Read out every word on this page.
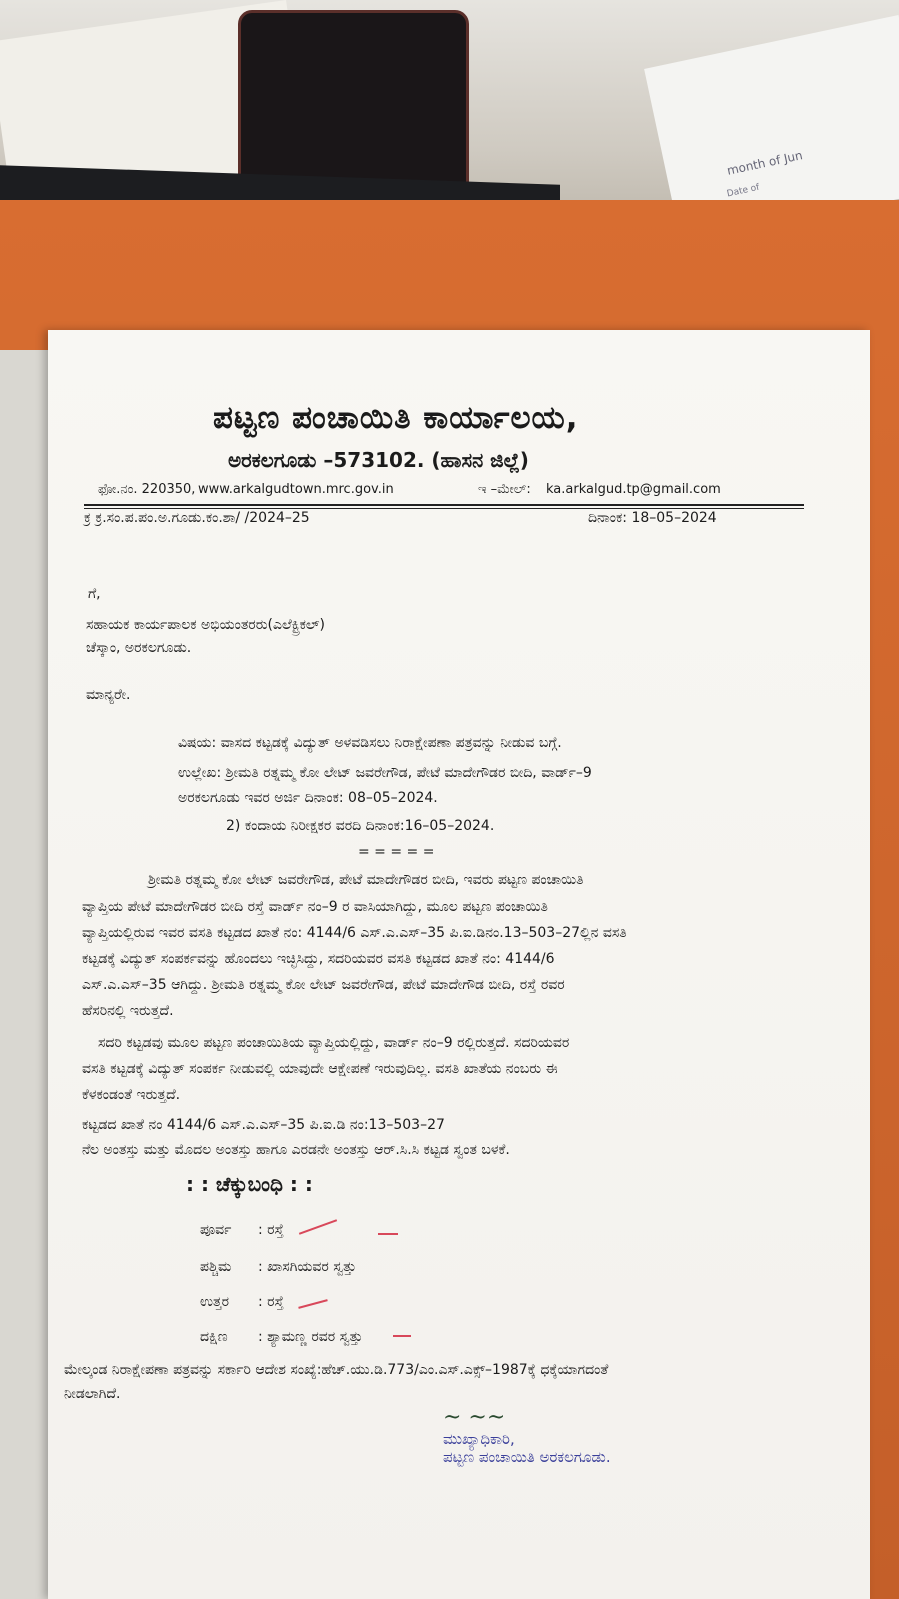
month of Jun
Date of
ಪಟ್ಟಣ ಪಂಚಾಯಿತಿ ಕಾರ್ಯಾಲಯ,
ಅರಕಲಗೂಡು –573102. (ಹಾಸನ ಜಿಲ್ಲೆ)
ಫೋ.ನಂ. 220350, www.arkalgudtown.mrc.gov.in	ಇ –ಮೇಲ್: ka.arkalgud.tp@gmail.com
ಕ್ರ ಕ್ರ.ಸಂ.ಪ.ಪಂ.ಅ.ಗೂಡು.ಕಂ.ಶಾ/ /2024–25	ದಿನಾಂಕ: 18–05–2024
ಗೆ,
ಸಹಾಯಕ ಕಾರ್ಯಪಾಲಕ ಅಭಿಯಂತರರು(ಎಲೆಕ್ಟ್ರಿಕಲ್)
ಚೆಸ್ಕಾಂ, ಅರಕಲಗೂಡು.
ಮಾನ್ಯರೇ.
ವಿಷಯ: ವಾಸದ ಕಟ್ಟಡಕ್ಕೆ ವಿದ್ಯುತ್ ಅಳವಡಿಸಲು ನಿರಾಕ್ಷೇಪಣಾ ಪತ್ರವನ್ನು ನೀಡುವ ಬಗ್ಗೆ.
ಉಲ್ಲೇಖ: ಶ್ರೀಮತಿ ರತ್ನಮ್ಮ ಕೋ ಲೇಟ್ ಜವರೇಗೌಡ, ಪೇಟೆ ಮಾದೇಗೌಡರ ಬೀದಿ, ವಾರ್ಡ್–9
ಅರಕಲಗೂಡು ಇವರ ಅರ್ಜಿ ದಿನಾಂಕ: 08–05–2024.
2) ಕಂದಾಯ ನಿರೀಕ್ಷಕರ ವರದಿ ದಿನಾಂಕ:16–05–2024.
= = = = =
ಶ್ರೀಮತಿ ರತ್ನಮ್ಮ ಕೋ ಲೇಟ್ ಜವರೇಗೌಡ, ಪೇಟೆ ಮಾದೇಗೌಡರ ಬೀದಿ, ಇವರು ಪಟ್ಟಣ ಪಂಚಾಯಿತಿ
ವ್ಯಾಪ್ತಿಯ ಪೇಟೆ ಮಾದೇಗೌಡರ ಬೀದಿ ರಸ್ತೆ ವಾರ್ಡ್ ನಂ–9 ರ ವಾಸಿಯಾಗಿದ್ದು, ಮೂಲ ಪಟ್ಟಣ ಪಂಚಾಯಿತಿ
ವ್ಯಾಪ್ತಿಯಲ್ಲಿರುವ ಇವರ ವಸತಿ ಕಟ್ಟಡದ ಖಾತೆ ನಂ: 4144/6 ಎಸ್.ಎ.ಎಸ್–35 ಪಿ.ಐ.ಡಿನಂ.13–503–27ಲ್ಲಿನ ವಸತಿ
ಕಟ್ಟಡಕ್ಕೆ ವಿದ್ಯುತ್ ಸಂಪರ್ಕವನ್ನು ಹೊಂದಲು ಇಚ್ಛಿಸಿದ್ದು, ಸದರಿಯವರ ವಸತಿ ಕಟ್ಟಡದ ಖಾತೆ ನಂ: 4144/6
ಎಸ್.ಎ.ಎಸ್–35 ಆಗಿದ್ದು. ಶ್ರೀಮತಿ ರತ್ನಮ್ಮ ಕೋ ಲೇಟ್ ಜವರೇಗೌಡ, ಪೇಟೆ ಮಾದೇಗೌಡ ಬೀದಿ, ರಸ್ತೆ ರವರ
ಹೆಸರಿನಲ್ಲಿ ಇರುತ್ತದೆ.
ಸದರಿ ಕಟ್ಟಡವು ಮೂಲ ಪಟ್ಟಣ ಪಂಚಾಯಿತಿಯ ವ್ಯಾಪ್ತಿಯಲ್ಲಿದ್ದು, ವಾರ್ಡ್ ನಂ–9 ರಲ್ಲಿರುತ್ತದೆ. ಸದರಿಯವರ
ವಸತಿ ಕಟ್ಟಡಕ್ಕೆ ವಿದ್ಯುತ್ ಸಂಪರ್ಕ ನೀಡುವಲ್ಲಿ ಯಾವುದೇ ಆಕ್ಷೇಪಣೆ ಇರುವುದಿಲ್ಲ. ವಸತಿ ಖಾತೆಯ ನಂಬರು ಈ
ಕೆಳಕಂಡಂತೆ ಇರುತ್ತದೆ.
ಕಟ್ಟಡದ ಖಾತೆ ನಂ 4144/6 ಎಸ್.ಎ.ಎಸ್–35 ಪಿ.ಐ.ಡಿ ನಂ:13–503–27
ನೆಲ ಅಂತಸ್ತು ಮತ್ತು ಮೊದಲ ಅಂತಸ್ತು ಹಾಗೂ ಎರಡನೇ ಅಂತಸ್ತು ಆರ್.ಸಿ.ಸಿ ಕಟ್ಟಡ ಸ್ವಂತ ಬಳಕೆ.
: : ಚೆಕ್ಕುಬಂಧಿ : :
ಪೂರ್ವ : ರಸ್ತೆ
ಪಶ್ಚಿಮ : ಖಾಸಗಿಯವರ ಸ್ವತ್ತು
ಉತ್ತರ : ರಸ್ತೆ
ದಕ್ಷಿಣ : ಶ್ಯಾಮಣ್ಣ ರವರ ಸ್ವತ್ತು
ಮೇಲ್ಕಂಡ ನಿರಾಕ್ಷೇಪಣಾ ಪತ್ರವನ್ನು ಸರ್ಕಾರಿ ಆದೇಶ ಸಂಖ್ಯೆ:ಹೆಚ್.ಯು.ಡಿ.773/ಎಂ.ಎಸ್.ಎಕ್ಸ್–1987ಕ್ಕೆ ಧಕ್ಕೆಯಾಗದಂತೆ
ನೀಡಲಾಗಿದೆ.
~ ~~
ಮುಖ್ಯಾಧಿಕಾರಿ,
ಪಟ್ಟಣ ಪಂಚಾಯಿತಿ ಅರಕಲಗೂಡು.
